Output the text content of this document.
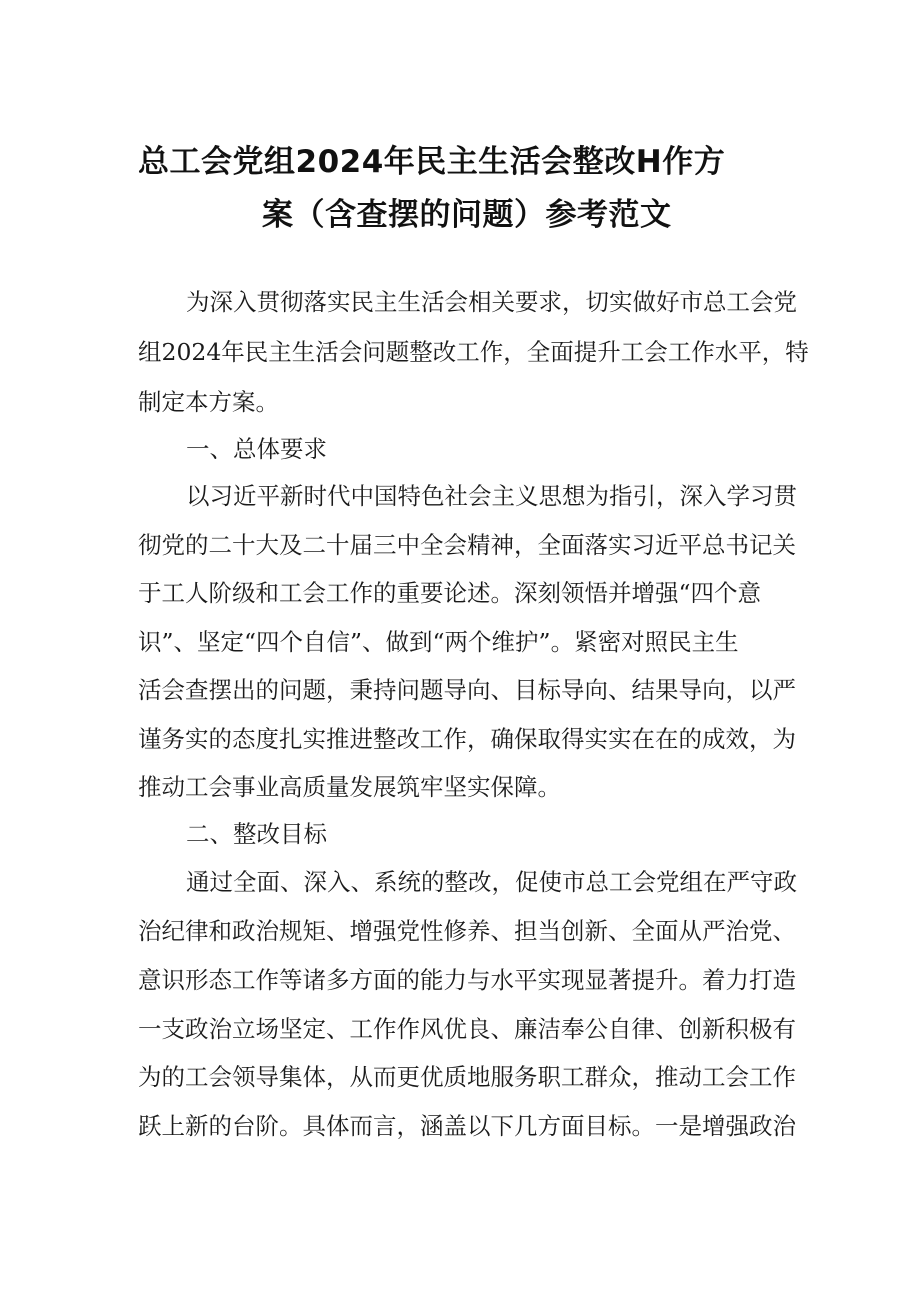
总工会党组2024年民主生活会整改H作方
案（含查摆的问题）参考范文
为深入贯彻落实民主生活会相关要求，切实做好市总工会党
组2024年民主生活会问题整改工作，全面提升工会工作水平，特
制定本方案。
一、总体要求
以习近平新时代中国特色社会主义思想为指引，深入学习贯
彻党的二十大及二十届三中全会精神，全面落实习近平总书记关
于工人阶级和工会工作的重要论述。深刻领悟并增强“四个意
识”、坚定“四个自信”、做到“两个维护”。紧密对照民主生
活会查摆出的问题，秉持问题导向、目标导向、结果导向，以严
谨务实的态度扎实推进整改工作，确保取得实实在在的成效，为
推动工会事业高质量发展筑牢坚实保障。
二、整改目标
通过全面、深入、系统的整改，促使市总工会党组在严守政
治纪律和政治规矩、增强党性修养、担当创新、全面从严治党、
意识形态工作等诸多方面的能力与水平实现显著提升。着力打造
一支政治立场坚定、工作作风优良、廉洁奉公自律、创新积极有
为的工会领导集体，从而更优质地服务职工群众，推动工会工作
跃上新的台阶。具体而言，涵盖以下几方面目标。一是增强政治
